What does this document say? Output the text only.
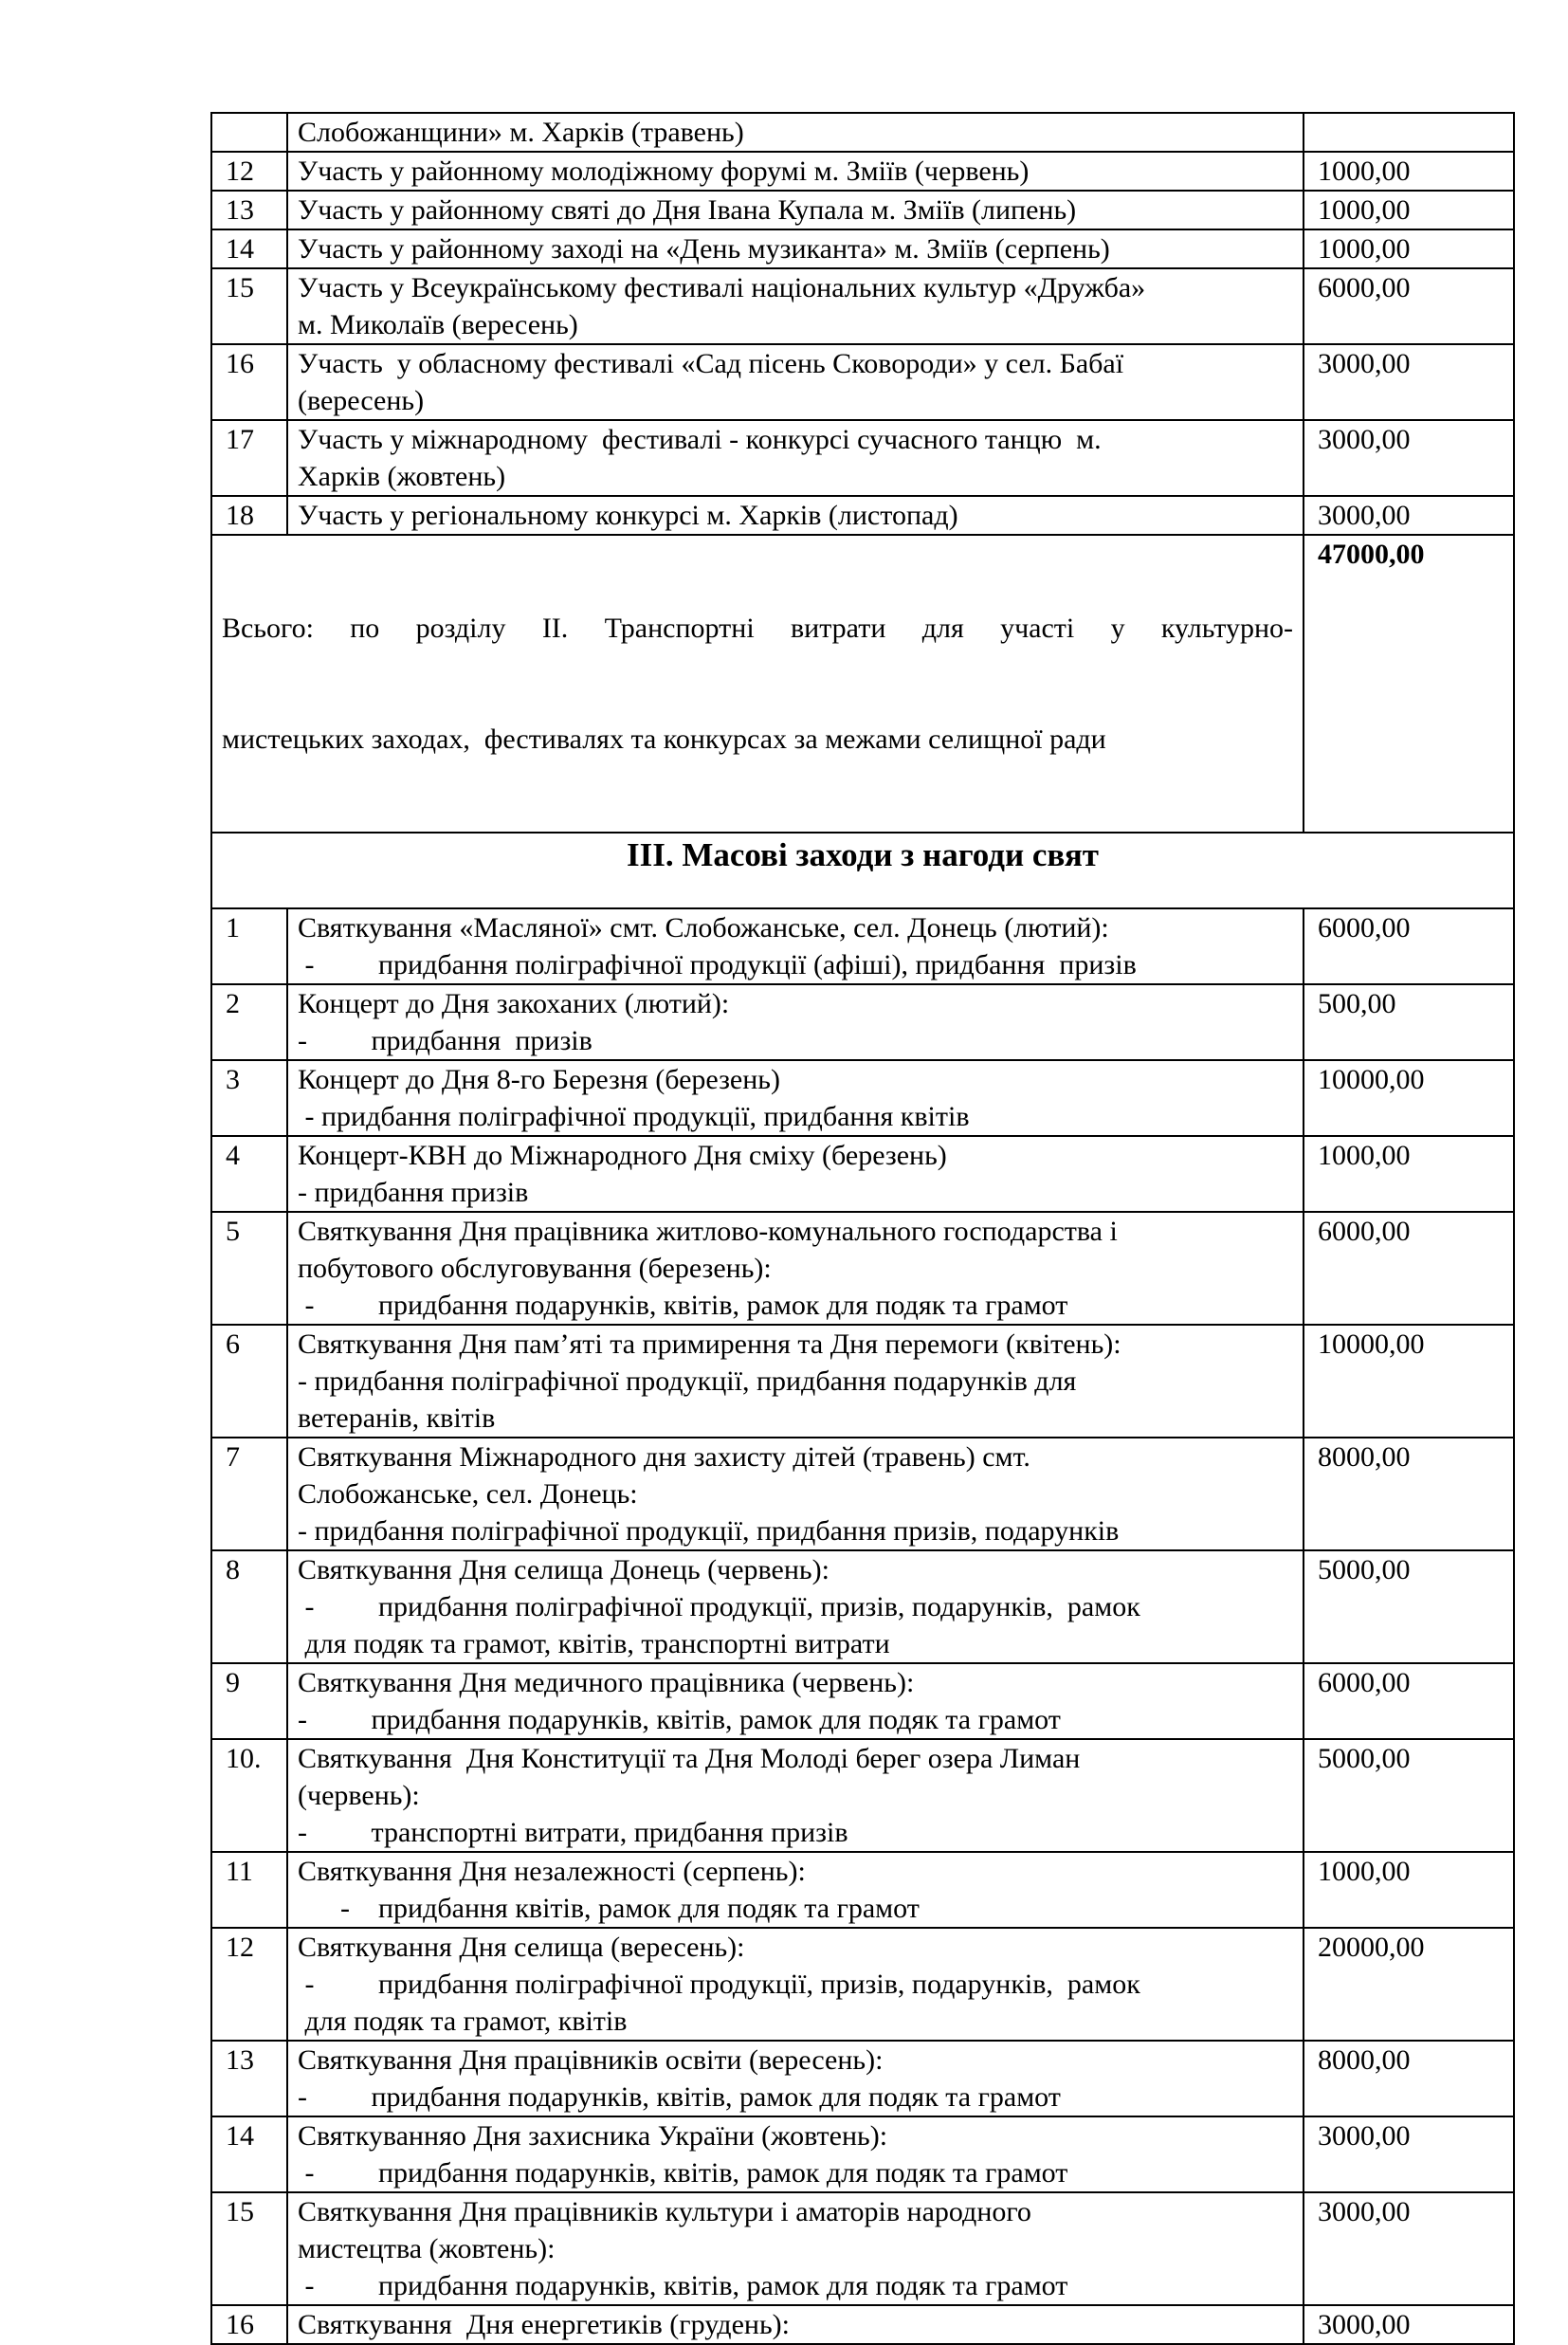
	Слобожанщини» м. Харків (травень)	

12	Участь у районному молодіжному форумі м. Зміїв (червень)	1000,00
13	Участь у районному святі до Дня Івана Купала м. Зміїв (липень)	1000,00
14	Участь у районному заході на «День музиканта» м. Зміїв (серпень)	1000,00
15	Участь у Всеукраїнському фестивалі національних культур «Дружба»
м. Миколаїв (вересень)	6000,00
16	Участь  у обласному фестивалі «Сад пісень Сковороди» у сел. Бабаї
(вересень)	3000,00
17	Участь у міжнародному  фестивалі - конкурсі сучасного танцю  м.
Харків (жовтень)	3000,00
18	Участь у регіональному конкурсі м. Харків (листопад)	3000,00

Всього: по розділу ІІ. Транспортні витрати для участі у культурно-

мистецьких заходах,  фестивалях та конкурсах за межами селищної ради		47000,00
ІІІ. Масові заходи з нагоди свят		
1	Святкування «Масляної» смт. Слобожанське, сел. Донець (лютий):
-         придбання поліграфічної продукції (афіші), придбання  призів	6000,00
2	Концерт до Дня закоханих (лютий):
-         придбання  призів	500,00
3	Концерт до Дня 8-го Березня (березень)
- придбання поліграфічної продукції, придбання квітів	10000,00
4	Концерт-КВН до Міжнародного Дня сміху (березень)
- придбання призів	1000,00
5	Святкування Дня працівника житлово-комунального господарства і
побутового обслуговування (березень):
-         придбання подарунків, квітів, рамок для подяк та грамот	6000,00
6	Святкування Дня пам’яті та примирення та Дня перемоги (квітень):
- придбання поліграфічної продукції, придбання подарунків для
ветеранів, квітів	10000,00
7	Святкування Міжнародного дня захисту дітей (травень) смт.
Слобожанське, сел. Донець:
- придбання поліграфічної продукції, придбання призів, подарунків	8000,00
8	Святкування Дня селища Донець (червень):
-         придбання поліграфічної продукції, призів, подарунків,  рамок
для подяк та грамот, квітів, транспортні витрати	5000,00
9	Святкування Дня медичного працівника (червень):
-         придбання подарунків, квітів, рамок для подяк та грамот	6000,00
10.	Святкування  Дня Конституції та Дня Молоді берег озера Лиман
(червень):
-         транспортні витрати, придбання призів	5000,00
11	Святкування Дня незалежності (серпень):
-    придбання квітів, рамок для подяк та грамот	1000,00
12	Святкування Дня селища (вересень):
-         придбання поліграфічної продукції, призів, подарунків,  рамок
для подяк та грамот, квітів	20000,00
13	Святкування Дня працівників освіти (вересень):
-         придбання подарунків, квітів, рамок для подяк та грамот	8000,00
14	Святкуванняо Дня захисника України (жовтень):
-         придбання подарунків, квітів, рамок для подяк та грамот	3000,00
15	Святкування Дня працівників культури і аматорів народного
мистецтва (жовтень):
-         придбання подарунків, квітів, рамок для подяк та грамот	3000,00
16	Святкування  Дня енергетиків (грудень):	3000,00
